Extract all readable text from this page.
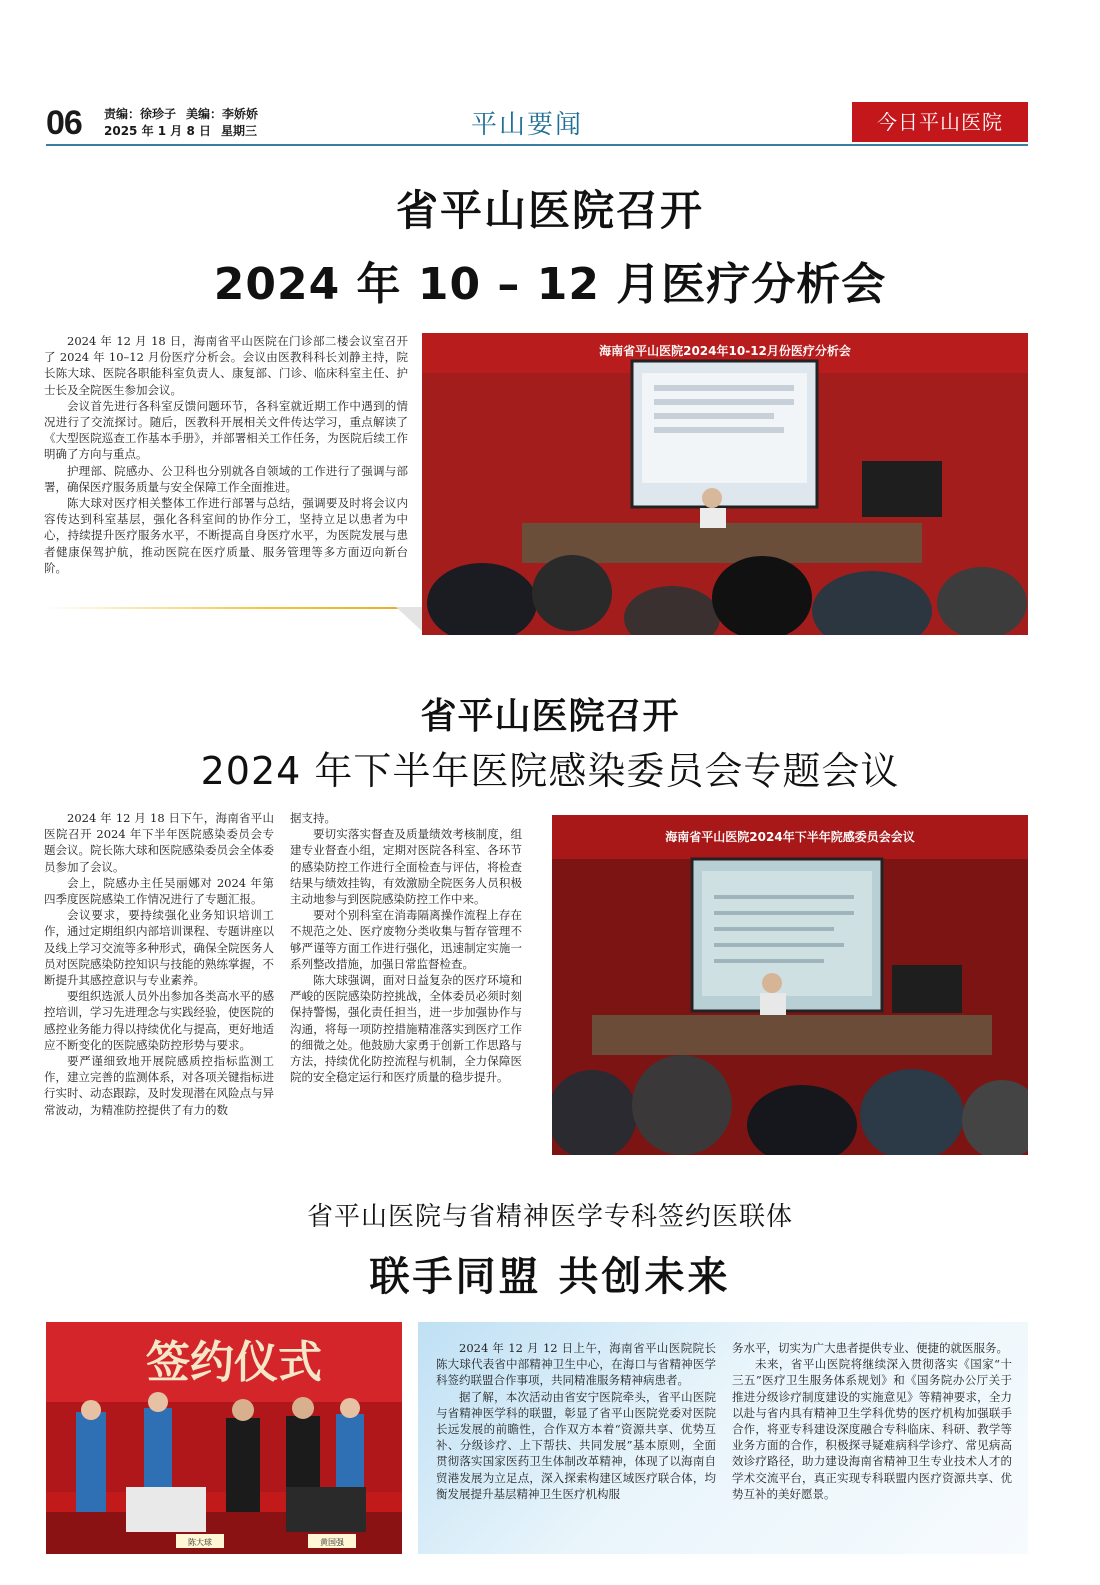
06 责编：徐珍子 美编：李娇娇
2025 年 1 月 8 日 星期三	平山要闻	今日平山医院
省平山医院召开
2024 年 10 – 12 月医疗分析会

2024 年 12 月 18 日，海南省平山医院在门诊部二楼会议室召开了 2024 年 10–12 月份医疗分析会。会议由医教科科长刘静主持，院长陈大球、医院各职能科室负责人、康复部、门诊、临床科室主任、护士长及全院医生参加会议。

会议首先进行各科室反馈问题环节，各科室就近期工作中遇到的情况进行了交流探讨。随后，医教科开展相关文件传达学习，重点解读了《大型医院巡查工作基本手册》，并部署相关工作任务，为医院后续工作明确了方向与重点。

护理部、院感办、公卫科也分别就各自领域的工作进行了强调与部署，确保医疗服务质量与安全保障工作全面推进。

陈大球对医疗相关整体工作进行部署与总结，强调要及时将会议内容传达到科室基层，强化各科室间的协作分工，坚持立足以患者为中心，持续提升医疗服务水平，不断提高自身医疗水平，为医院发展与患者健康保驾护航，推动医院在医疗质量、服务管理等多方面迈向新台阶。

海南省平山医院2024年10-12月份医疗分析会
省平山医院召开
2024 年下半年医院感染委员会专题会议

2024 年 12 月 18 日下午，海南省平山医院召开 2024 年下半年医院感染委员会专题会议。院长陈大球和医院感染委员会全体委员参加了会议。

会上，院感办主任吴丽娜对 2024 年第四季度医院感染工作情况进行了专题汇报。

会议要求，要持续强化业务知识培训工作，通过定期组织内部培训课程、专题讲座以及线上学习交流等多种形式，确保全院医务人员对医院感染防控知识与技能的熟练掌握，不断提升其感控意识与专业素养。

要组织选派人员外出参加各类高水平的感控培训，学习先进理念与实践经验，使医院的感控业务能力得以持续优化与提高，更好地适应不断变化的医院感染防控形势与要求。

要严谨细致地开展院感质控指标监测工作，建立完善的监测体系，对各项关键指标进行实时、动态跟踪，及时发现潜在风险点与异常波动，为精准防控提供了有力的数

据支持。

要切实落实督查及质量绩效考核制度，组建专业督查小组，定期对医院各科室、各环节的感染防控工作进行全面检查与评估，将检查结果与绩效挂钩，有效激励全院医务人员积极主动地参与到医院感染防控工作中来。

要对个别科室在消毒隔离操作流程上存在不规范之处、医疗废物分类收集与暂存管理不够严谨等方面工作进行强化，迅速制定实施一系列整改措施，加强日常监督检查。

陈大球强调，面对日益复杂的医疗环境和严峻的医院感染防控挑战，全体委员必须时刻保持警惕，强化责任担当，进一步加强协作与沟通，将每一项防控措施精准落实到医疗工作的细微之处。他鼓励大家勇于创新工作思路与方法，持续优化防控流程与机制，全力保障医院的安全稳定运行和医疗质量的稳步提升。

海南省平山医院2024年下半年院感委员会会议
省平山医院与省精神医学专科签约医联体
联手同盟 共创未来
签约仪式
陈大球	黄国强

2024 年 12 月 12 日上午，海南省平山医院院长陈大球代表省中部精神卫生中心，在海口与省精神医学科签约联盟合作事项，共同精准服务精神病患者。

据了解，本次活动由省安宁医院牵头，省平山医院与省精神医学科的联盟，彰显了省平山医院党委对医院长远发展的前瞻性，合作双方本着“资源共享、优势互补、分级诊疗、上下帮扶、共同发展”基本原则，全面贯彻落实国家医药卫生体制改革精神，体现了以海南自贸港发展为立足点，深入探索构建区域医疗联合体，均衡发展提升基层精神卫生医疗机构服

务水平，切实为广大患者提供专业、便捷的就医服务。

未来，省平山医院将继续深入贯彻落实《国家“十三五”医疗卫生服务体系规划》和《国务院办公厅关于推进分级诊疗制度建设的实施意见》等精神要求，全力以赴与省内具有精神卫生学科优势的医疗机构加强联手合作，将亚专科建设深度融合专科临床、科研、教学等业务方面的合作，积极探寻疑难病科学诊疗、常见病高效诊疗路径，助力建设海南省精神卫生专业技术人才的学术交流平台，真正实现专科联盟内医疗资源共享、优势互补的美好愿景。
